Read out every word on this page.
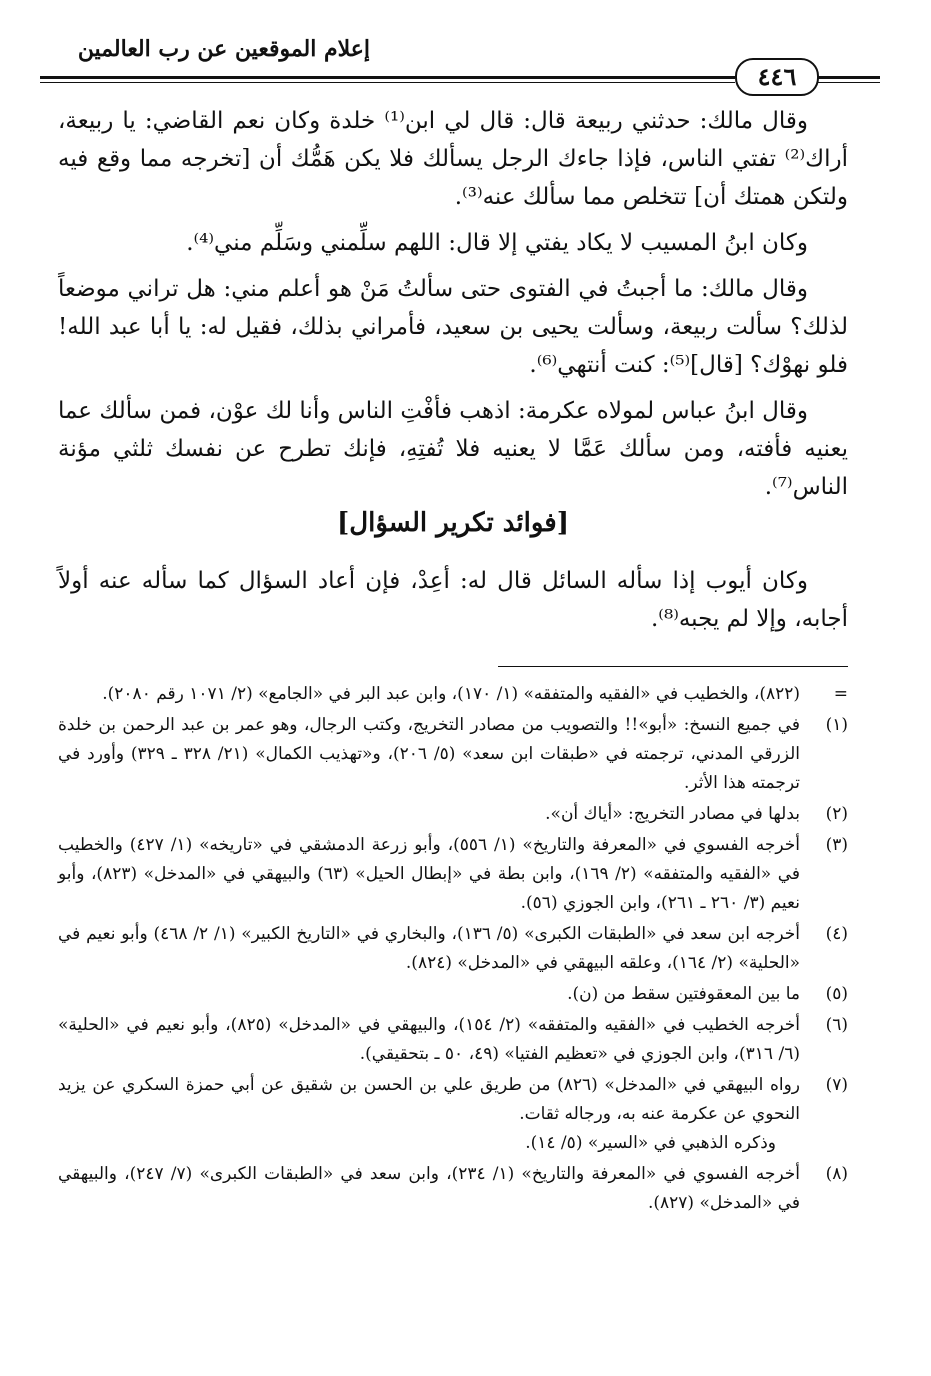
إعلام الموقعين عن رب العالمين
٤٤٦

وقال مالك: حدثني ربيعة قال: قال لي ابن⁽¹⁾ خلدة وكان نعم القاضي: يا ربيعة، أراك⁽²⁾ تفتي الناس، فإذا جاءك الرجل يسألك فلا يكن هَمُّك أن [تخرجه مما وقع فيه ولتكن همتك أن] تتخلص مما سألك عنه⁽³⁾.

وكان ابنُ المسيب لا يكاد يفتي إلا قال: اللهم سلِّمني وسَلِّم مني⁽⁴⁾.

وقال مالك: ما أجبتُ في الفتوى حتى سألتُ مَنْ هو أعلم مني: هل تراني موضعاً لذلك؟ سألت ربيعة، وسألت يحيى بن سعيد، فأمراني بذلك، فقيل له: يا أبا عبد الله! فلو نهوْك؟ [قال]⁽⁵⁾: كنت أنتهي⁽⁶⁾.

وقال ابنُ عباس لمولاه عكرمة: اذهب فأفْتِ الناس وأنا لك عوْن، فمن سألك عما يعنيه فأفته، ومن سألك عَمَّا لا يعنيه فلا تُفتِهِ، فإنك تطرح عن نفسك ثلثي مؤنة الناس⁽⁷⁾.

[فوائد تكرير السؤال]

وكان أيوب إذا سأله السائل قال له: أعِدْ، فإن أعاد السؤال كما سأله عنه أولاً أجابه، وإلا لم يجبه⁽⁸⁾.

=
(٨٢٢)، والخطيب في «الفقيه والمتفقه» (١/ ١٧٠)، وابن عبد البر في «الجامع» (٢/ ١٠٧١ رقم ٢٠٨٠).
(١)
في جميع النسخ: «أبو»!! والتصويب من مصادر التخريج، وكتب الرجال، وهو عمر بن عبد الرحمن بن خلدة الزرقي المدني، ترجمته في «طبقات ابن سعد» (٥/ ٢٠٦)، و«تهذيب الكمال» (٢١/ ٣٢٨ ـ ٣٢٩) وأورد في ترجمته هذا الأثر.
(٢)
بدلها في مصادر التخريج: «أياك أن».
(٣)
أخرجه الفسوي في «المعرفة والتاريخ» (١/ ٥٥٦)، وأبو زرعة الدمشقي في «تاريخه» (١/ ٤٢٧) والخطيب في «الفقيه والمتفقه» (٢/ ١٦٩)، وابن بطة في «إبطال الحيل» (٦٣) والبيهقي في «المدخل» (٨٢٣)، وأبو نعيم (٣/ ٢٦٠ ـ ٢٦١)، وابن الجوزي (٥٦).
(٤)
أخرجه ابن سعد في «الطبقات الكبرى» (٥/ ١٣٦)، والبخاري في «التاريخ الكبير» (١/ ٢/ ٤٦٨) وأبو نعيم في «الحلية» (٢/ ١٦٤)، وعلقه البيهقي في «المدخل» (٨٢٤).
(٥)
ما بين المعقوفتين سقط من (ن).
(٦)
أخرجه الخطيب في «الفقيه والمتفقه» (٢/ ١٥٤)، والبيهقي في «المدخل» (٨٢٥)، وأبو نعيم في «الحلية» (٦/ ٣١٦)، وابن الجوزي في «تعظيم الفتيا» (٤٩، ٥٠ ـ بتحقيقي).
(٧)
رواه البيهقي في «المدخل» (٨٢٦) من طريق علي بن الحسن بن شقيق عن أبي حمزة السكري عن يزيد النحوي عن عكرمة عنه به، ورجاله ثقات.
وذكره الذهبي في «السير» (٥/ ١٤).
(٨)
أخرجه الفسوي في «المعرفة والتاريخ» (١/ ٢٣٤)، وابن سعد في «الطبقات الكبرى» (٧/ ٢٤٧)، والبيهقي في «المدخل» (٨٢٧).
